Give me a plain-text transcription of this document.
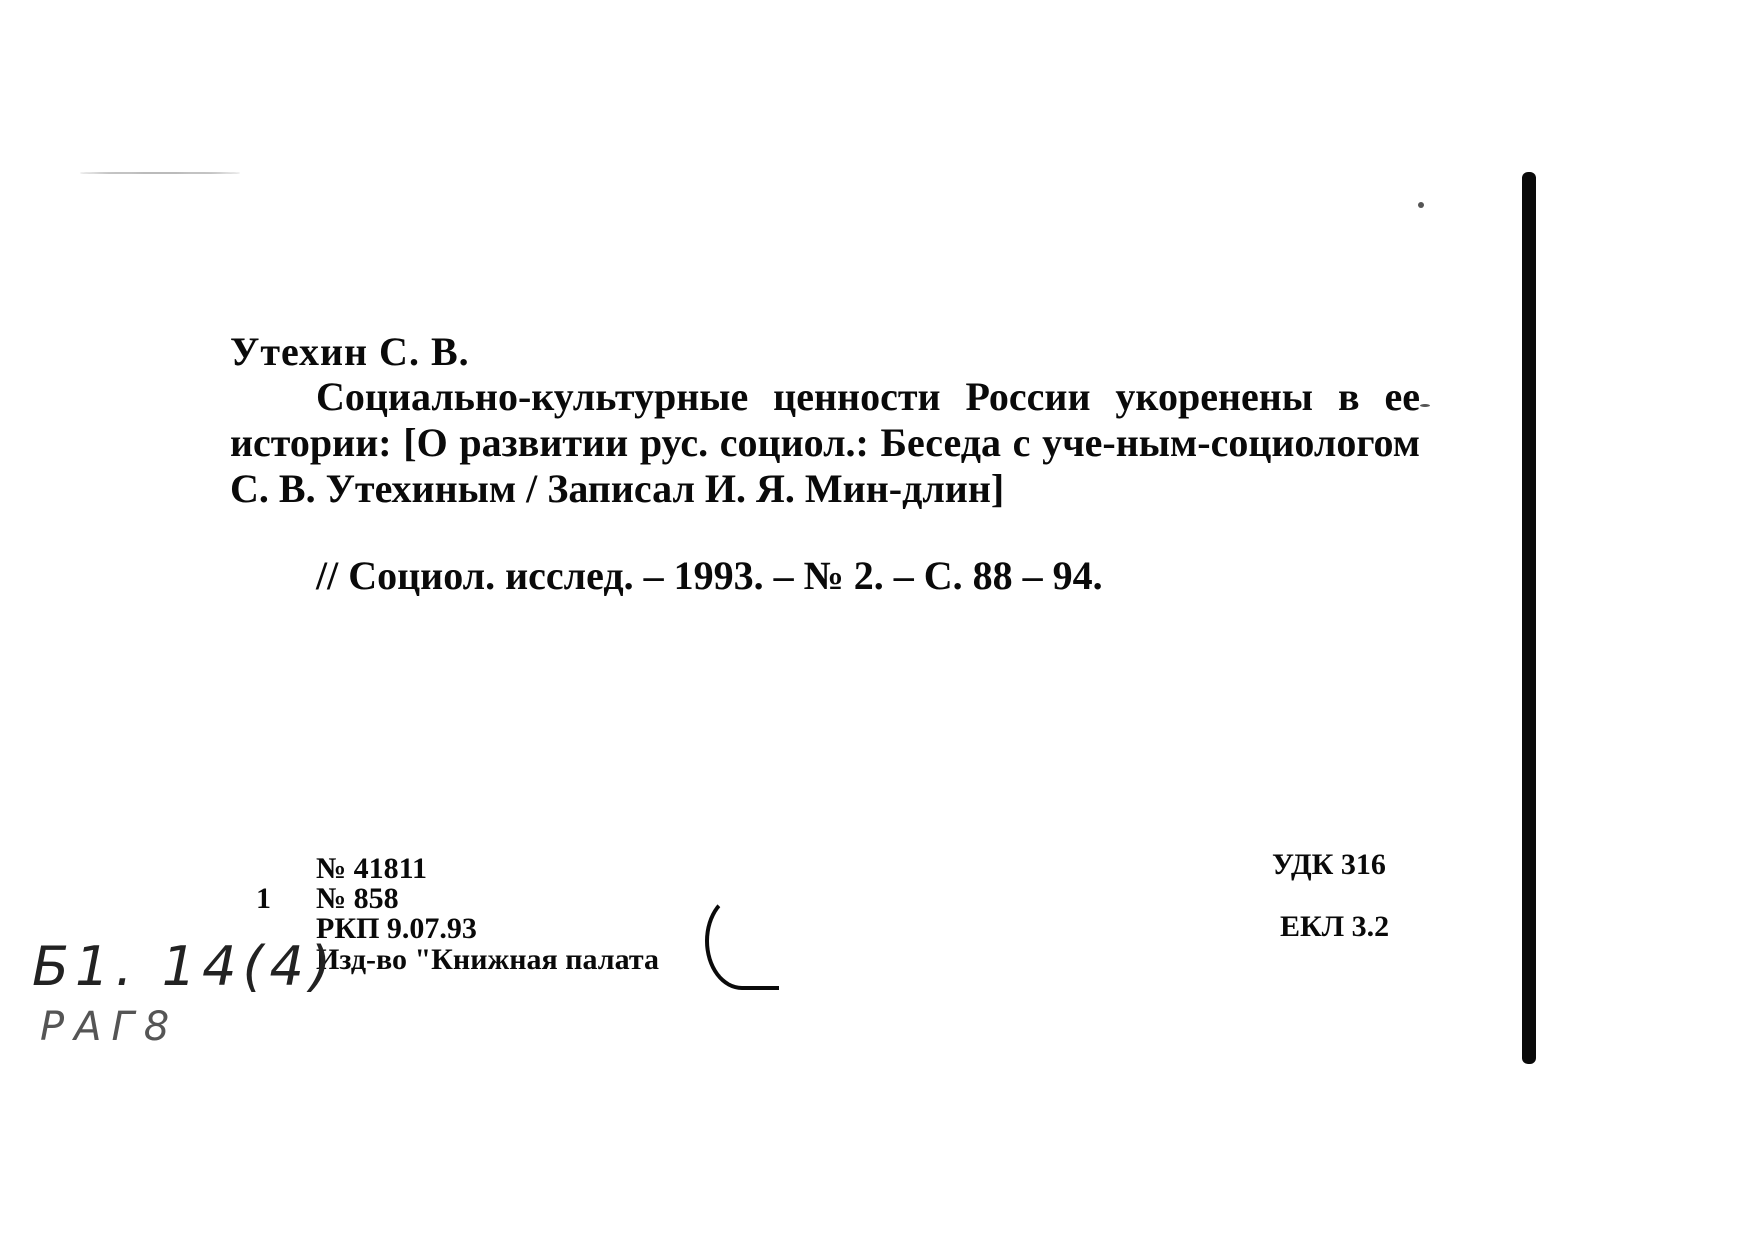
Утехин С. В.
Социально-культурные ценности России укоренены в ее истории: [О развитии рус. социол.: Беседа с уче-ным-социологом С. В. Утехиным / Записал И. Я. Мин-длин]
// Социол. исслед. – 1993. – № 2. – С. 88 – 94.
№ 41811
1 № 858
РКП 9.07.93
Изд-во "Книжная палата
УДК 316
ЕКЛ 3.2
Б1. 14(4)
РАГ8
